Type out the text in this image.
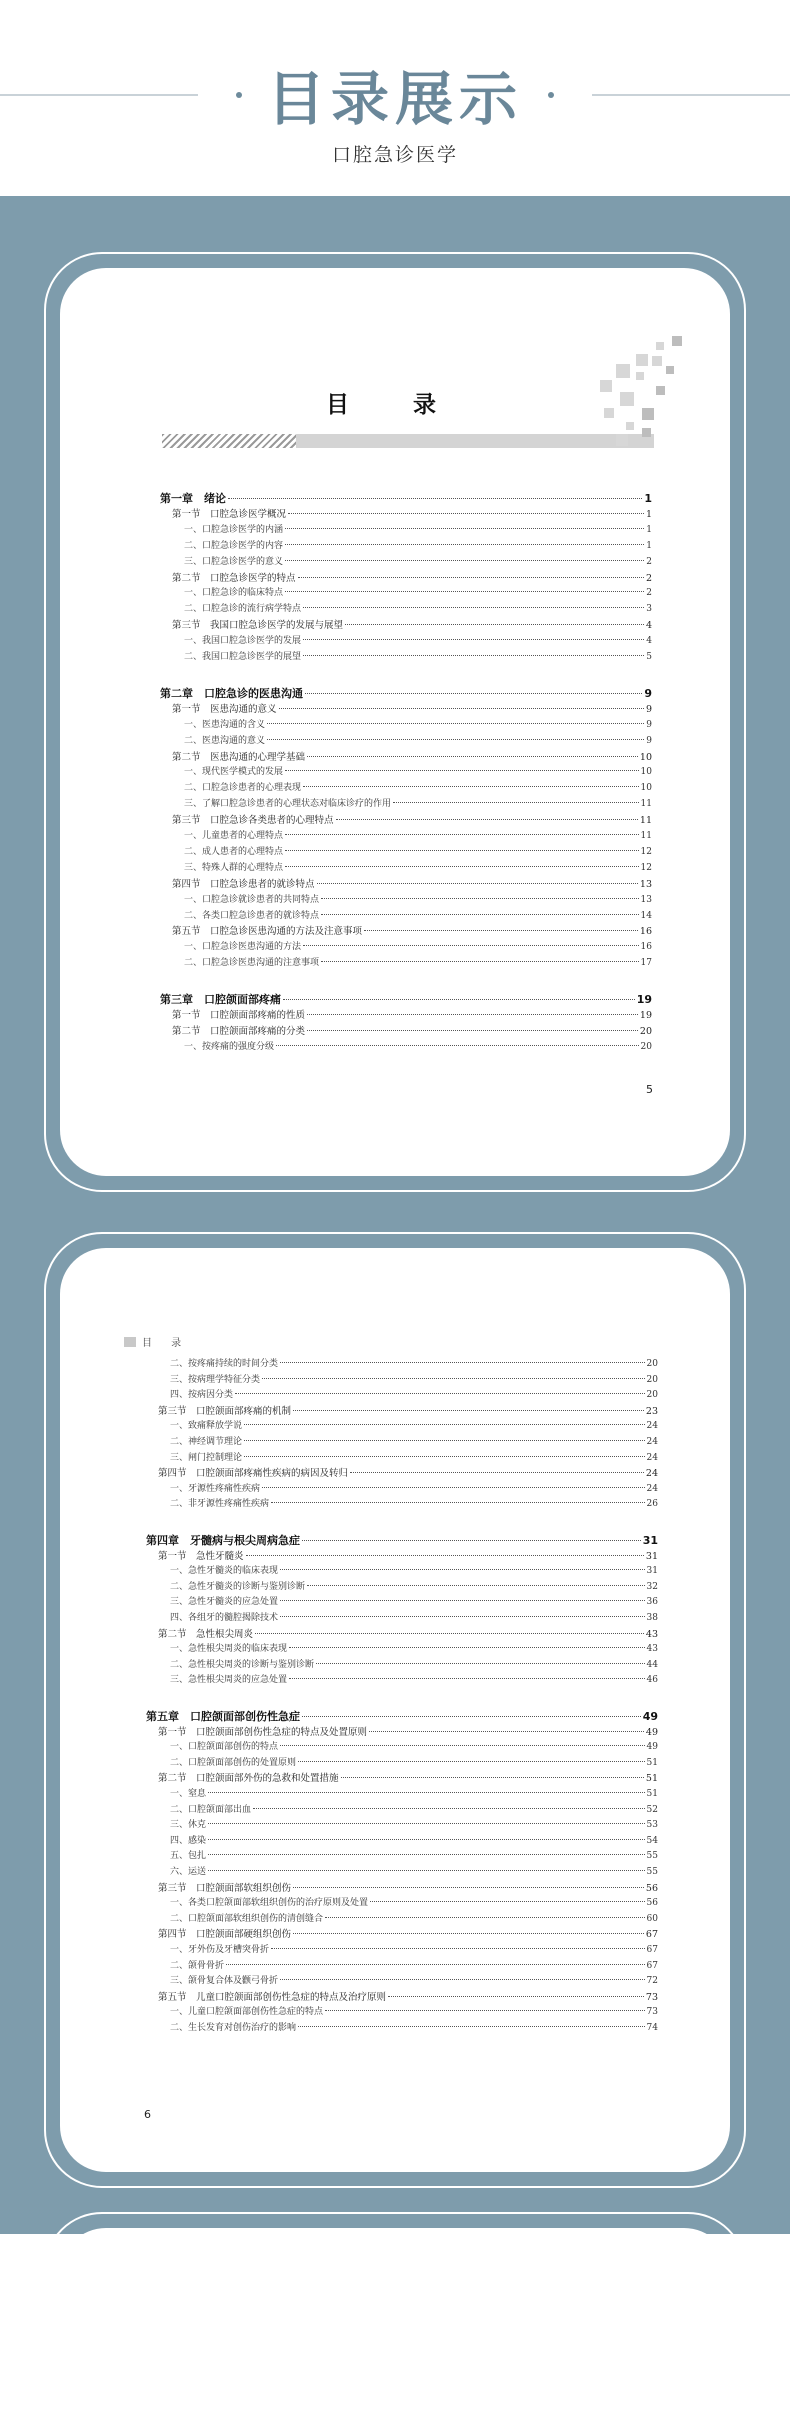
目录展示
口腔急诊医学
目 录
第一章　绪论	1
第一节　口腔急诊医学概况	1
一、口腔急诊医学的内涵	1
二、口腔急诊医学的内容	1
三、口腔急诊医学的意义	2
第二节　口腔急诊医学的特点	2
一、口腔急诊的临床特点	2
二、口腔急诊的流行病学特点	3
第三节　我国口腔急诊医学的发展与展望	4
一、我国口腔急诊医学的发展	4
二、我国口腔急诊医学的展望	5
第二章　口腔急诊的医患沟通	9
第一节　医患沟通的意义	9
一、医患沟通的含义	9
二、医患沟通的意义	9
第二节　医患沟通的心理学基础	10
一、现代医学模式的发展	10
二、口腔急诊患者的心理表现	10
三、了解口腔急诊患者的心理状态对临床诊疗的作用	11
第三节　口腔急诊各类患者的心理特点	11
一、儿童患者的心理特点	11
二、成人患者的心理特点	12
三、特殊人群的心理特点	12
第四节　口腔急诊患者的就诊特点	13
一、口腔急诊就诊患者的共同特点	13
二、各类口腔急诊患者的就诊特点	14
第五节　口腔急诊医患沟通的方法及注意事项	16
一、口腔急诊医患沟通的方法	16
二、口腔急诊医患沟通的注意事项	17
第三章　口腔颌面部疼痛	19
第一节　口腔颌面部疼痛的性质	19
第二节　口腔颌面部疼痛的分类	20
一、按疼痛的强度分级	20
5
目 录
二、按疼痛持续的时间分类	20
三、按病理学特征分类	20
四、按病因分类	20
第三节　口腔颌面部疼痛的机制	23
一、致痛释放学说	24
二、神经调节理论	24
三、闸门控制理论	24
第四节　口腔颌面部疼痛性疾病的病因及转归	24
一、牙源性疼痛性疾病	24
二、非牙源性疼痛性疾病	26
第四章　牙髓病与根尖周病急症	31
第一节　急性牙髓炎	31
一、急性牙髓炎的临床表现	31
二、急性牙髓炎的诊断与鉴别诊断	32
三、急性牙髓炎的应急处置	36
四、各组牙的髓腔揭除技术	38
第二节　急性根尖周炎	43
一、急性根尖周炎的临床表现	43
二、急性根尖周炎的诊断与鉴别诊断	44
三、急性根尖周炎的应急处置	46
第五章　口腔颌面部创伤性急症	49
第一节　口腔颌面部创伤性急症的特点及处置原则	49
一、口腔颌面部创伤的特点	49
二、口腔颌面部创伤的处置原则	51
第二节　口腔颌面部外伤的急救和处置措施	51
一、窒息	51
二、口腔颌面部出血	52
三、休克	53
四、感染	54
五、包扎	55
六、运送	55
第三节　口腔颌面部软组织创伤	56
一、各类口腔颌面部软组织创伤的治疗原则及处置	56
二、口腔颌面部软组织创伤的清创缝合	60
第四节　口腔颌面部硬组织创伤	67
一、牙外伤及牙槽突骨折	67
二、颌骨骨折	67
三、颌骨复合体及颧弓骨折	72
第五节　儿童口腔颌面部创伤性急症的特点及治疗原则	73
一、儿童口腔颌面部创伤性急症的特点	73
二、生长发育对创伤治疗的影响	74
6
